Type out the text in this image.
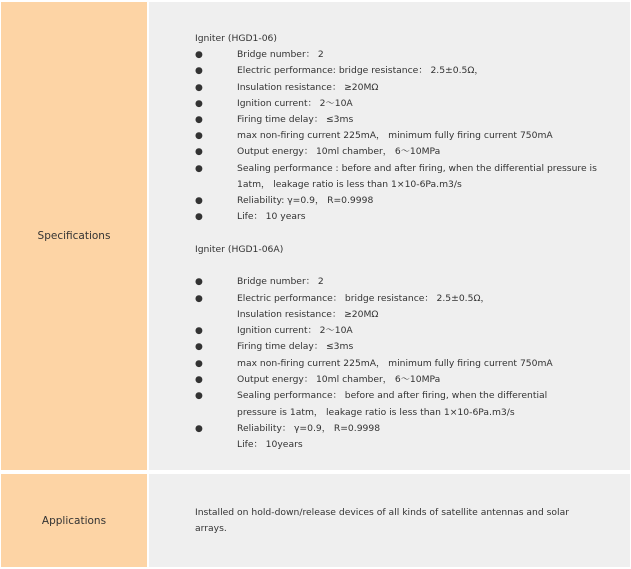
Specifications
Igniter (HGD1-06)
●	Bridge number： 2
●	Electric performance: bridge resistance： 2.5±0.5Ω，
●	Insulation resistance： ≥20MΩ
●	Ignition current： 2～10A
●	Firing time delay： ≤3ms
●	max non-firing current 225mA， minimum fully firing current 750mA
●	Output energy： 10ml chamber， 6～10MPa
●	Sealing performance : before and after firing, when the differential pressure is
1atm， leakage ratio is less than 1×10-6Pa.m3/s
●	Reliability: γ=0.9， R=0.9998
●	Life： 10 years
Igniter (HGD1-06A)
●	Bridge number： 2
●	Electric performance： bridge resistance： 2.5±0.5Ω，
Insulation resistance： ≥20MΩ
●	Ignition current： 2～10A
●	Firing time delay： ≤3ms
●	max non-firing current 225mA， minimum fully firing current 750mA
●	Output energy： 10ml chamber， 6～10MPa
●	Sealing performance： before and after firing, when the differential
pressure is 1atm， leakage ratio is less than 1×10-6Pa.m3/s
●	Reliability： γ=0.9， R=0.9998
Life： 10years
Applications
Installed on hold-down/release devices of all kinds of satellite antennas and solar arrays.
